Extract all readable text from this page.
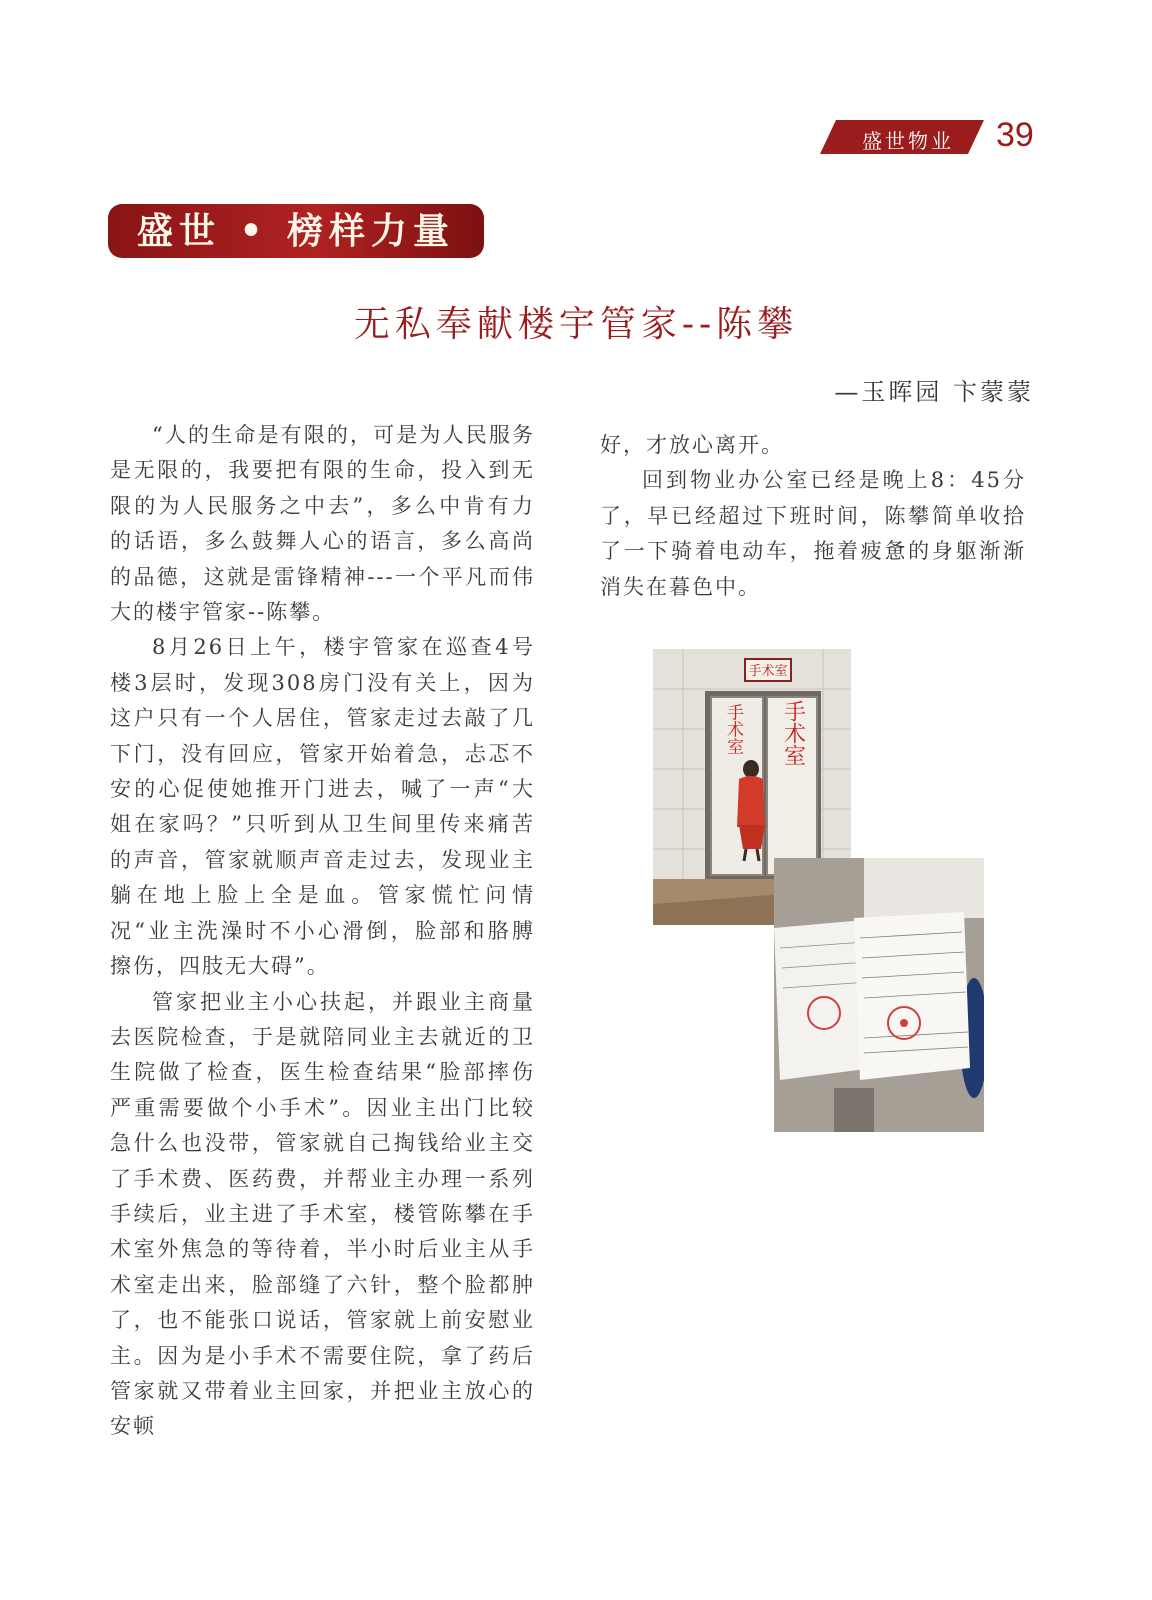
盛世物业	39
盛世 • 榜样力量
无私奉献楼宇管家--陈攀
—玉晖园 卞蒙蒙

“人的生命是有限的，可是为人民服务是无限的，我要把有限的生命，投入到无限的为人民服务之中去”，多么中肯有力的话语，多么鼓舞人心的语言，多么高尚的品德，这就是雷锋精神---一个平凡而伟大的楼宇管家--陈攀。

8月26日上午，楼宇管家在巡查4号楼3层时，发现308房门没有关上，因为这户只有一个人居住，管家走过去敲了几下门，没有回应，管家开始着急，忐忑不安的心促使她推开门进去，喊了一声“大姐在家吗？”只听到从卫生间里传来痛苦的声音，管家就顺声音走过去，发现业主躺在地上脸上全是血。管家慌忙问情况“业主洗澡时不小心滑倒，脸部和胳膊擦伤，四肢无大碍”。

管家把业主小心扶起，并跟业主商量去医院检查，于是就陪同业主去就近的卫生院做了检查，医生检查结果“脸部摔伤严重需要做个小手术”。因业主出门比较急什么也没带，管家就自己掏钱给业主交了手术费、医药费，并帮业主办理一系列手续后，业主进了手术室，楼管陈攀在手术室外焦急的等待着，半小时后业主从手术室走出来，脸部缝了六针，整个脸都肿了，也不能张口说话，管家就上前安慰业主。因为是小手术不需要住院，拿了药后管家就又带着业主回家，并把业主放心的安顿

好，才放心离开。

回到物业办公室已经是晚上8：45分了，早已经超过下班时间，陈攀简单收拾了一下骑着电动车，拖着疲惫的身躯渐渐消失在暮色中。

手术室
手术室
手术室
